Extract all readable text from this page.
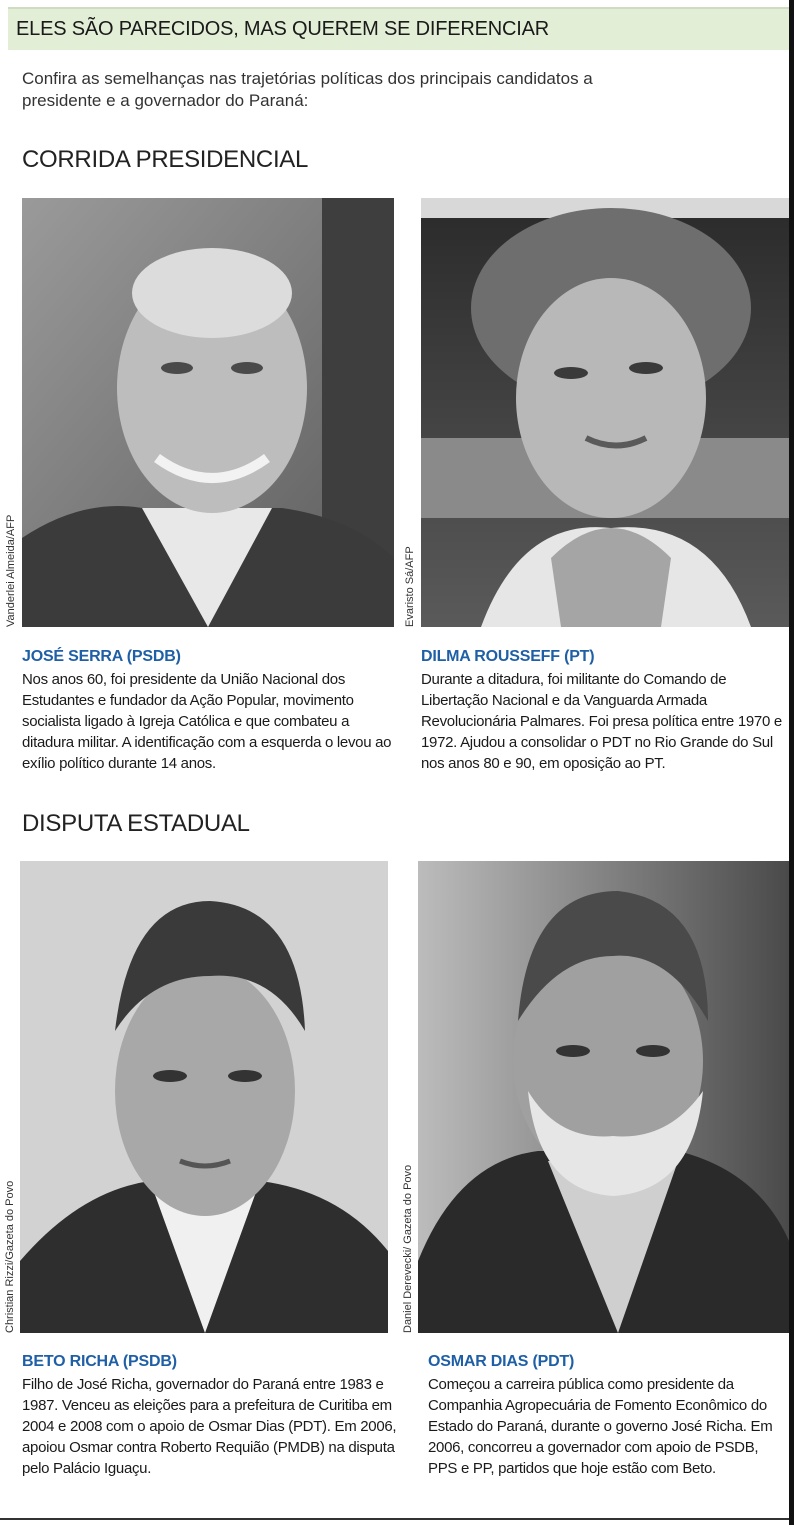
ELES SÃO PARECIDOS, MAS QUEREM SE DIFERENCIAR
Confira as semelhanças nas trajetórias políticas dos principais candidatos a presidente e a governador do Paraná:
CORRIDA PRESIDENCIAL
Vanderlei Almeida/AFP
JOSÉ SERRA (PSDB)
Nos anos 60, foi presidente da União Nacional dos Estudantes e fundador da Ação Popular, movimento socialista ligado à Igreja Católica e que combateu a ditadura militar. A identificação com a esquerda o levou ao exílio político durante 14 anos.
Evaristo Sá/AFP
DILMA ROUSSEFF (PT)
Durante a ditadura, foi militante do Comando de Libertação Nacional e da Vanguarda Armada Revolucionária Palmares. Foi presa política entre 1970 e 1972. Ajudou a consolidar o PDT no Rio Grande do Sul nos anos 80 e 90, em oposição ao PT.
DISPUTA ESTADUAL
Christian Rizzi/Gazeta do Povo
BETO RICHA (PSDB)
Filho de José Richa, governador do Paraná entre 1983 e 1987. Venceu as eleições para a prefeitura de Curitiba em 2004 e 2008 com o apoio de Osmar Dias (PDT). Em 2006, apoiou Osmar contra Roberto Requião (PMDB) na disputa pelo Palácio Iguaçu.
Daniel Derevecki/ Gazeta do Povo
OSMAR DIAS (PDT)
Começou a carreira pública como presidente da Companhia Agropecuária de Fomento Econômico do Estado do Paraná, durante o governo José Richa. Em 2006, concorreu a governador com apoio de PSDB, PPS e PP, partidos que hoje estão com Beto.
